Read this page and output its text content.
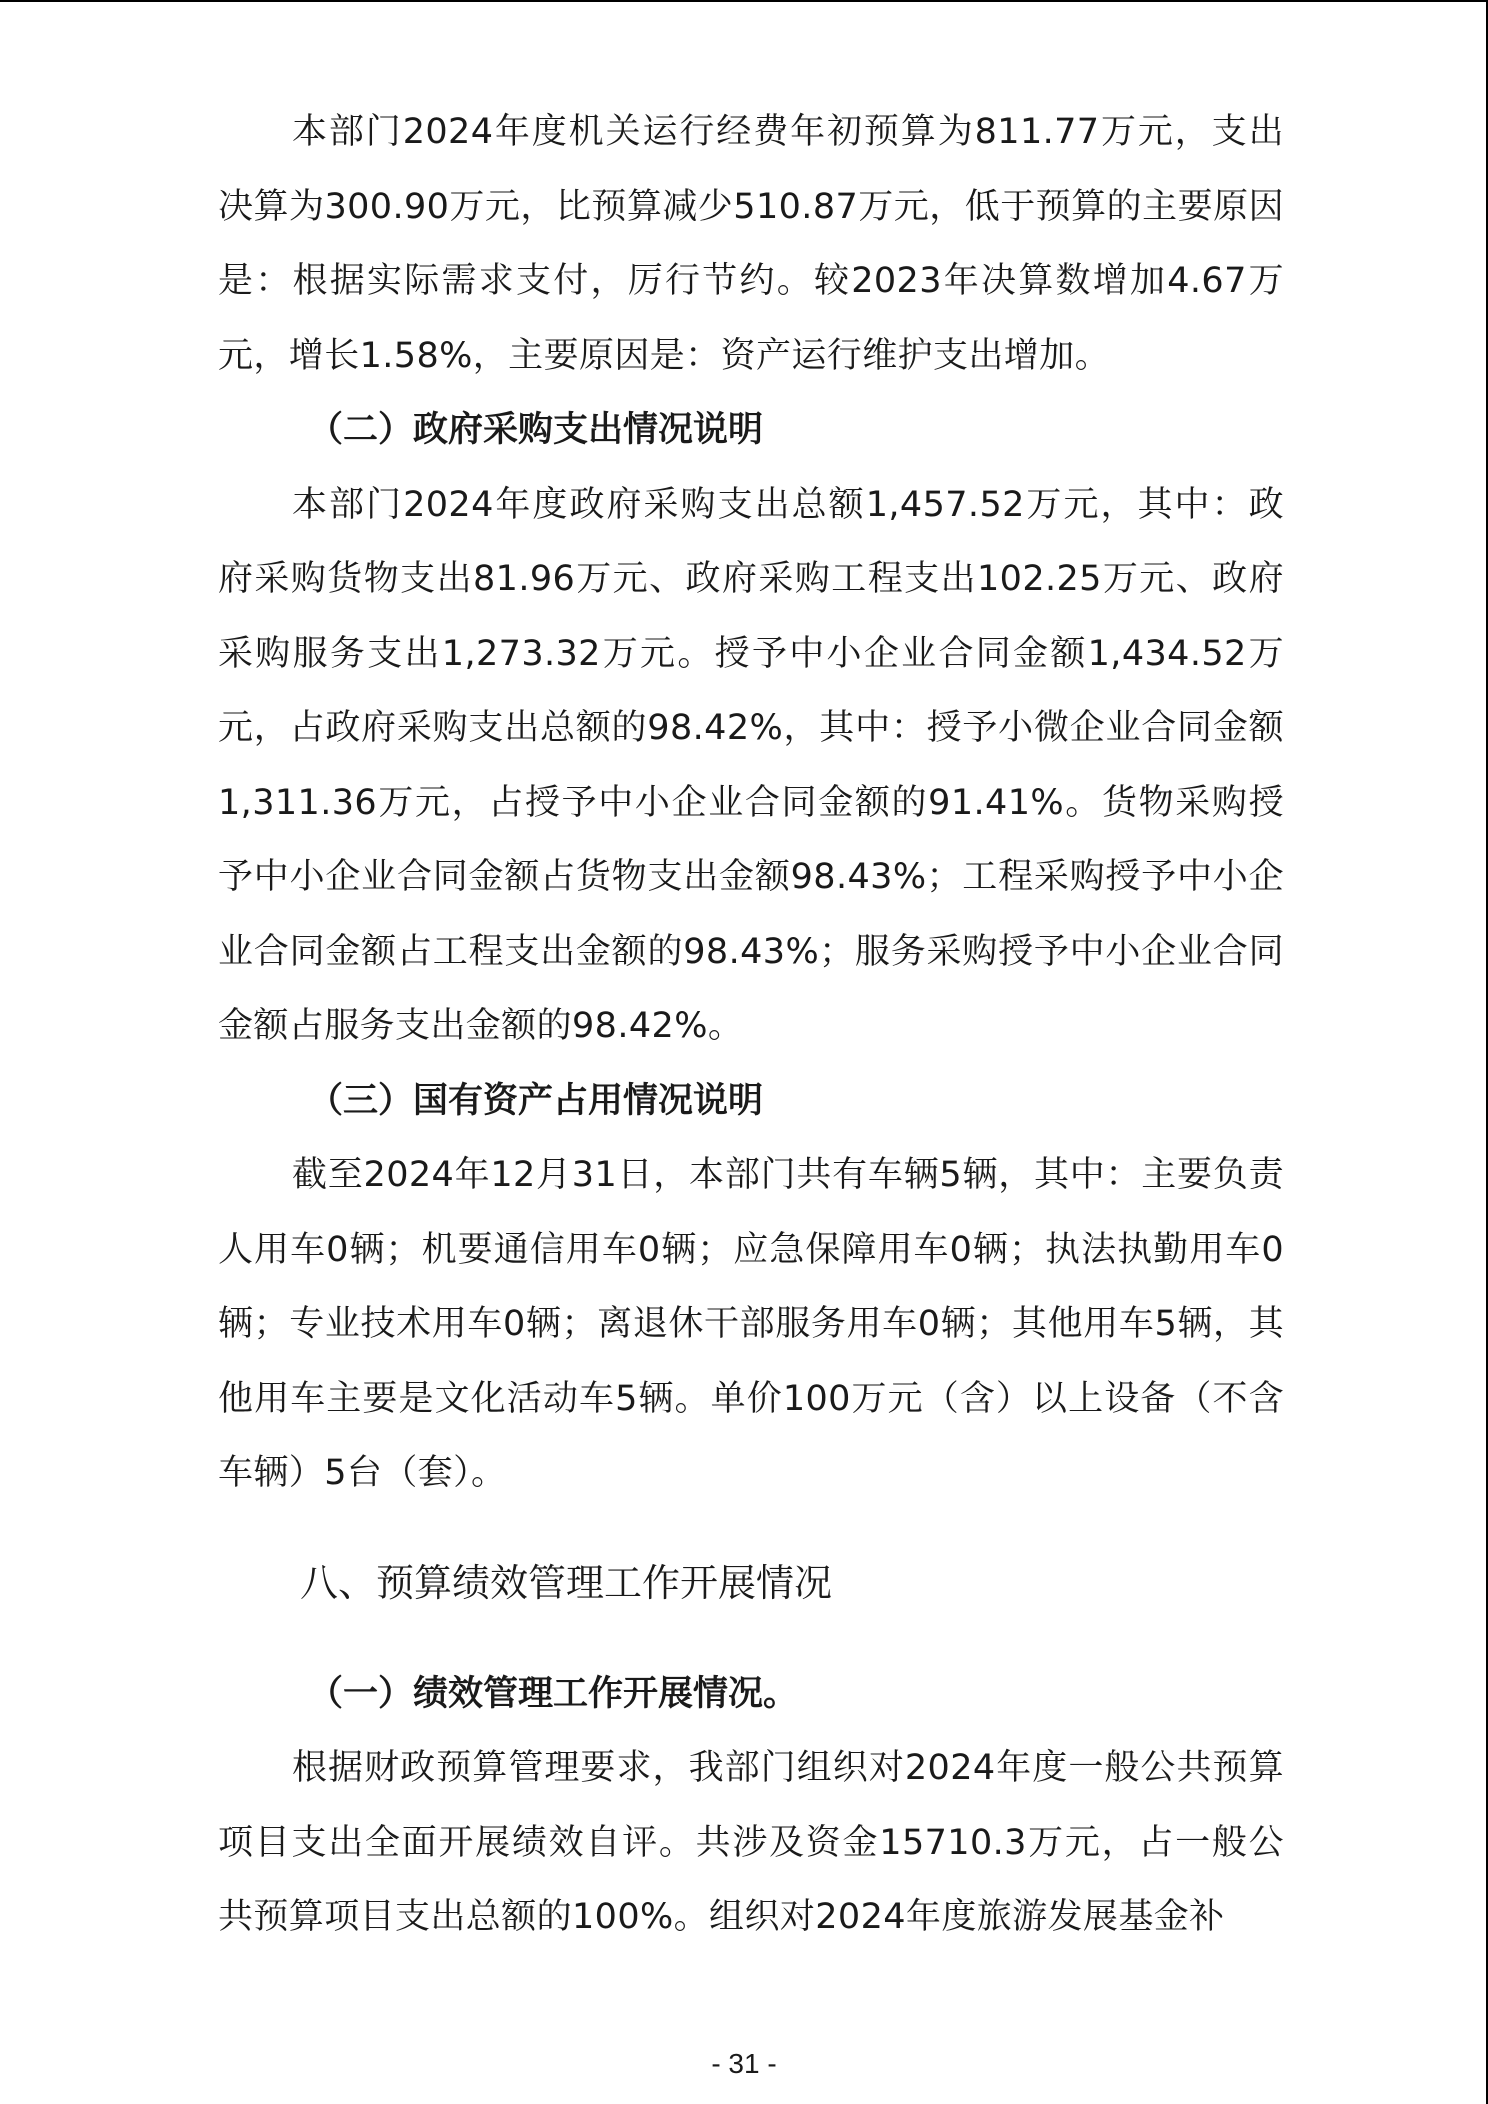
本部门2024年度机关运行经费年初预算为811.77万元，支出决算为300.90万元，比预算减少510.87万元，低于预算的主要原因是：根据实际需求支付，厉行节约。较2023年决算数增加4.67万元，增长1.58%，主要原因是：资产运行维护支出增加。

（二）政府采购支出情况说明

本部门2024年度政府采购支出总额1,457.52万元，其中：政府采购货物支出81.96万元、政府采购工程支出102.25万元、政府采购服务支出1,273.32万元。授予中小企业合同金额1,434.52万元，占政府采购支出总额的98.42%，其中：授予小微企业合同金额1,311.36万元，占授予中小企业合同金额的91.41%。货物采购授予中小企业合同金额占货物支出金额98.43%；工程采购授予中小企业合同金额占工程支出金额的98.43%；服务采购授予中小企业合同金额占服务支出金额的98.42%。

（三）国有资产占用情况说明

截至2024年12月31日，本部门共有车辆5辆，其中：主要负责人用车0辆；机要通信用车0辆；应急保障用车0辆；执法执勤用车0辆；专业技术用车0辆；离退休干部服务用车0辆；其他用车5辆，其他用车主要是文化活动车5辆。单价100万元（含）以上设备（不含车辆）5台（套）。

八、预算绩效管理工作开展情况

（一）绩效管理工作开展情况。

根据财政预算管理要求，我部门组织对2024年度一般公共预算项目支出全面开展绩效自评。共涉及资金15710.3万元，占一般公共预算项目支出总额的100%。组织对2024年度旅游发展基金补

- 31 -
